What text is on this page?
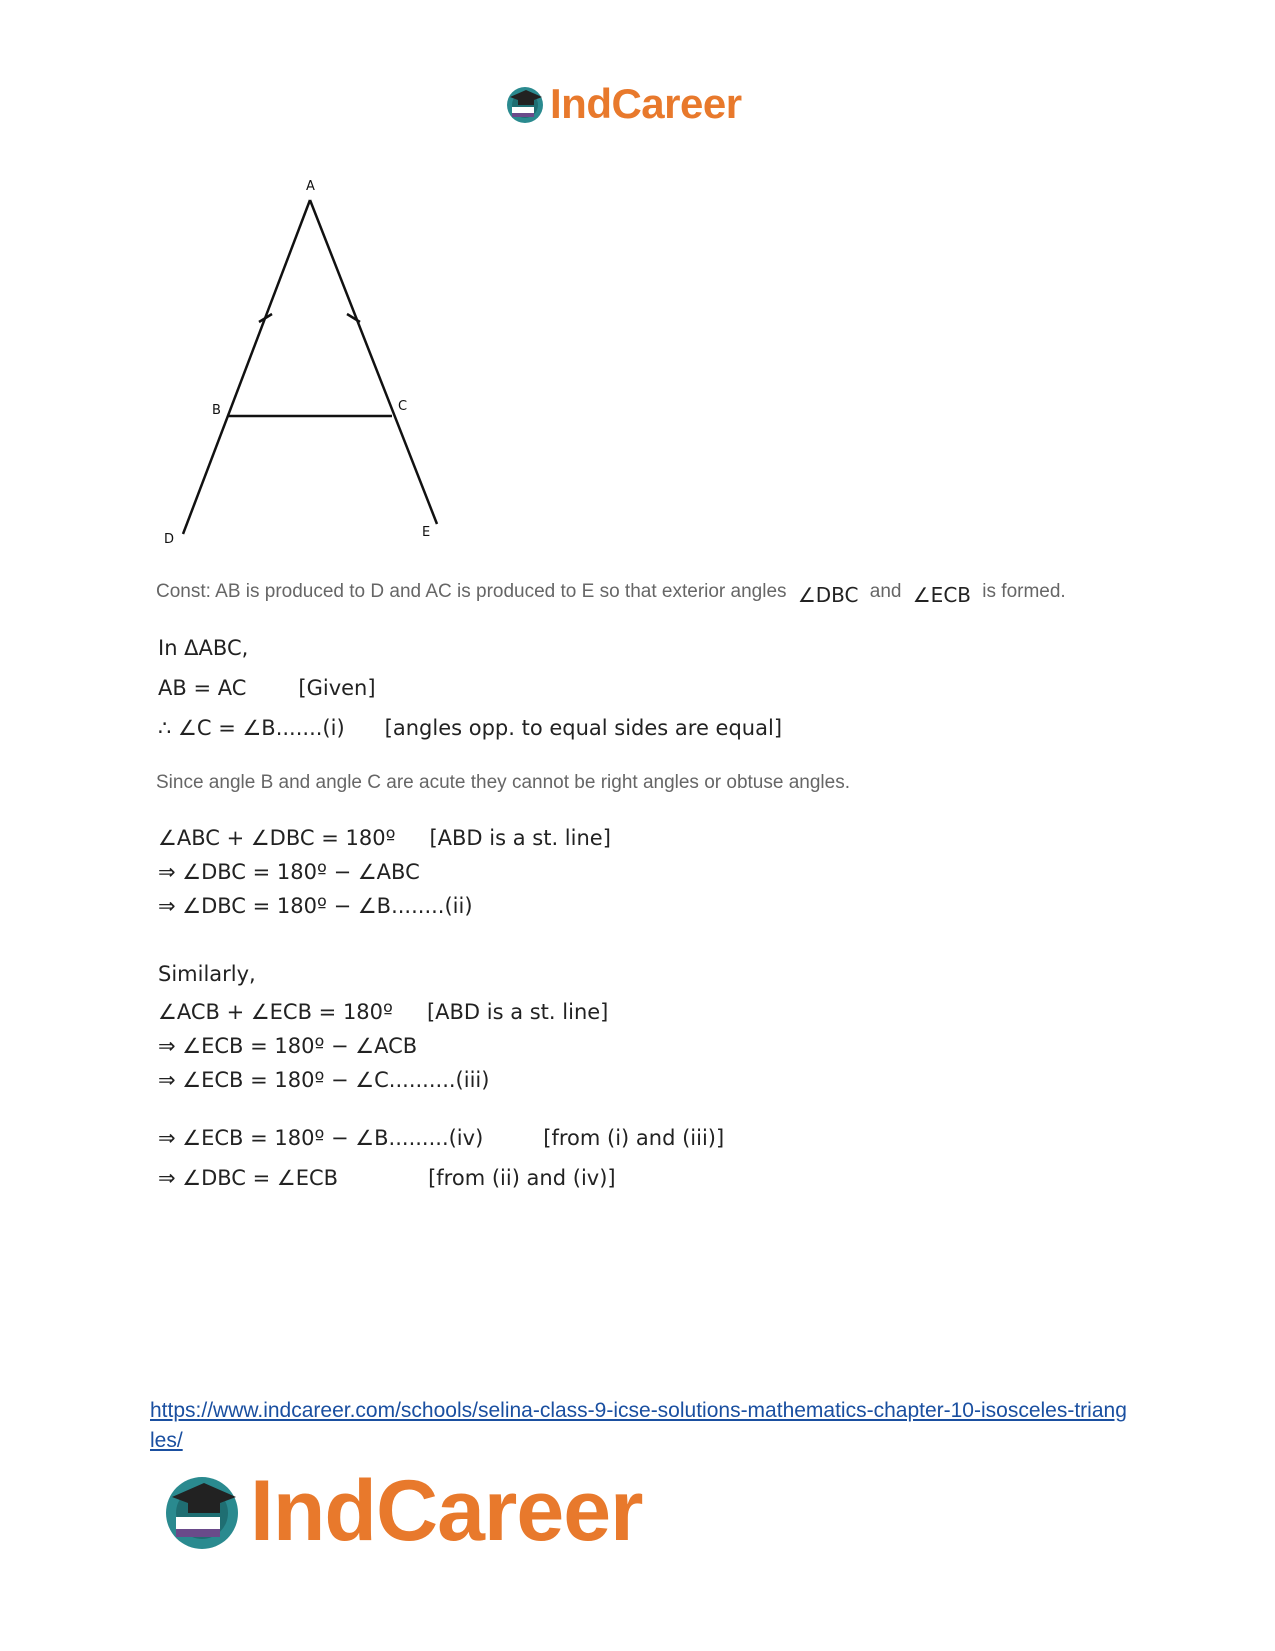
IndCareer
A
B	C
D	E
Const: AB is produced to D and AC is produced to E so that exterior angles ∠DBC and ∠ECB is formed.
In ΔABC,
AB = AC [Given]
∴ ∠C = ∠B.......(i) [angles opp. to equal sides are equal]
Since angle B and angle C are acute they cannot be right angles or obtuse angles.
∠ABC + ∠DBC = 180º [ABD is a st. line]
⇒ ∠DBC = 180º − ∠ABC
⇒ ∠DBC = 180º − ∠B........(ii)
Similarly,
∠ACB + ∠ECB = 180º [ABD is a st. line]
⇒ ∠ECB = 180º − ∠ACB
⇒ ∠ECB = 180º − ∠C..........(iii)
⇒ ∠ECB = 180º − ∠B.........(iv)	[from (i) and (iii)]
⇒ ∠DBC = ∠ECB	[from (ii) and (iv)]
https://www.indcareer.com/schools/selina-class-9-icse-solutions-mathematics-chapter-10-isosceles-triangles/
IndCareer
